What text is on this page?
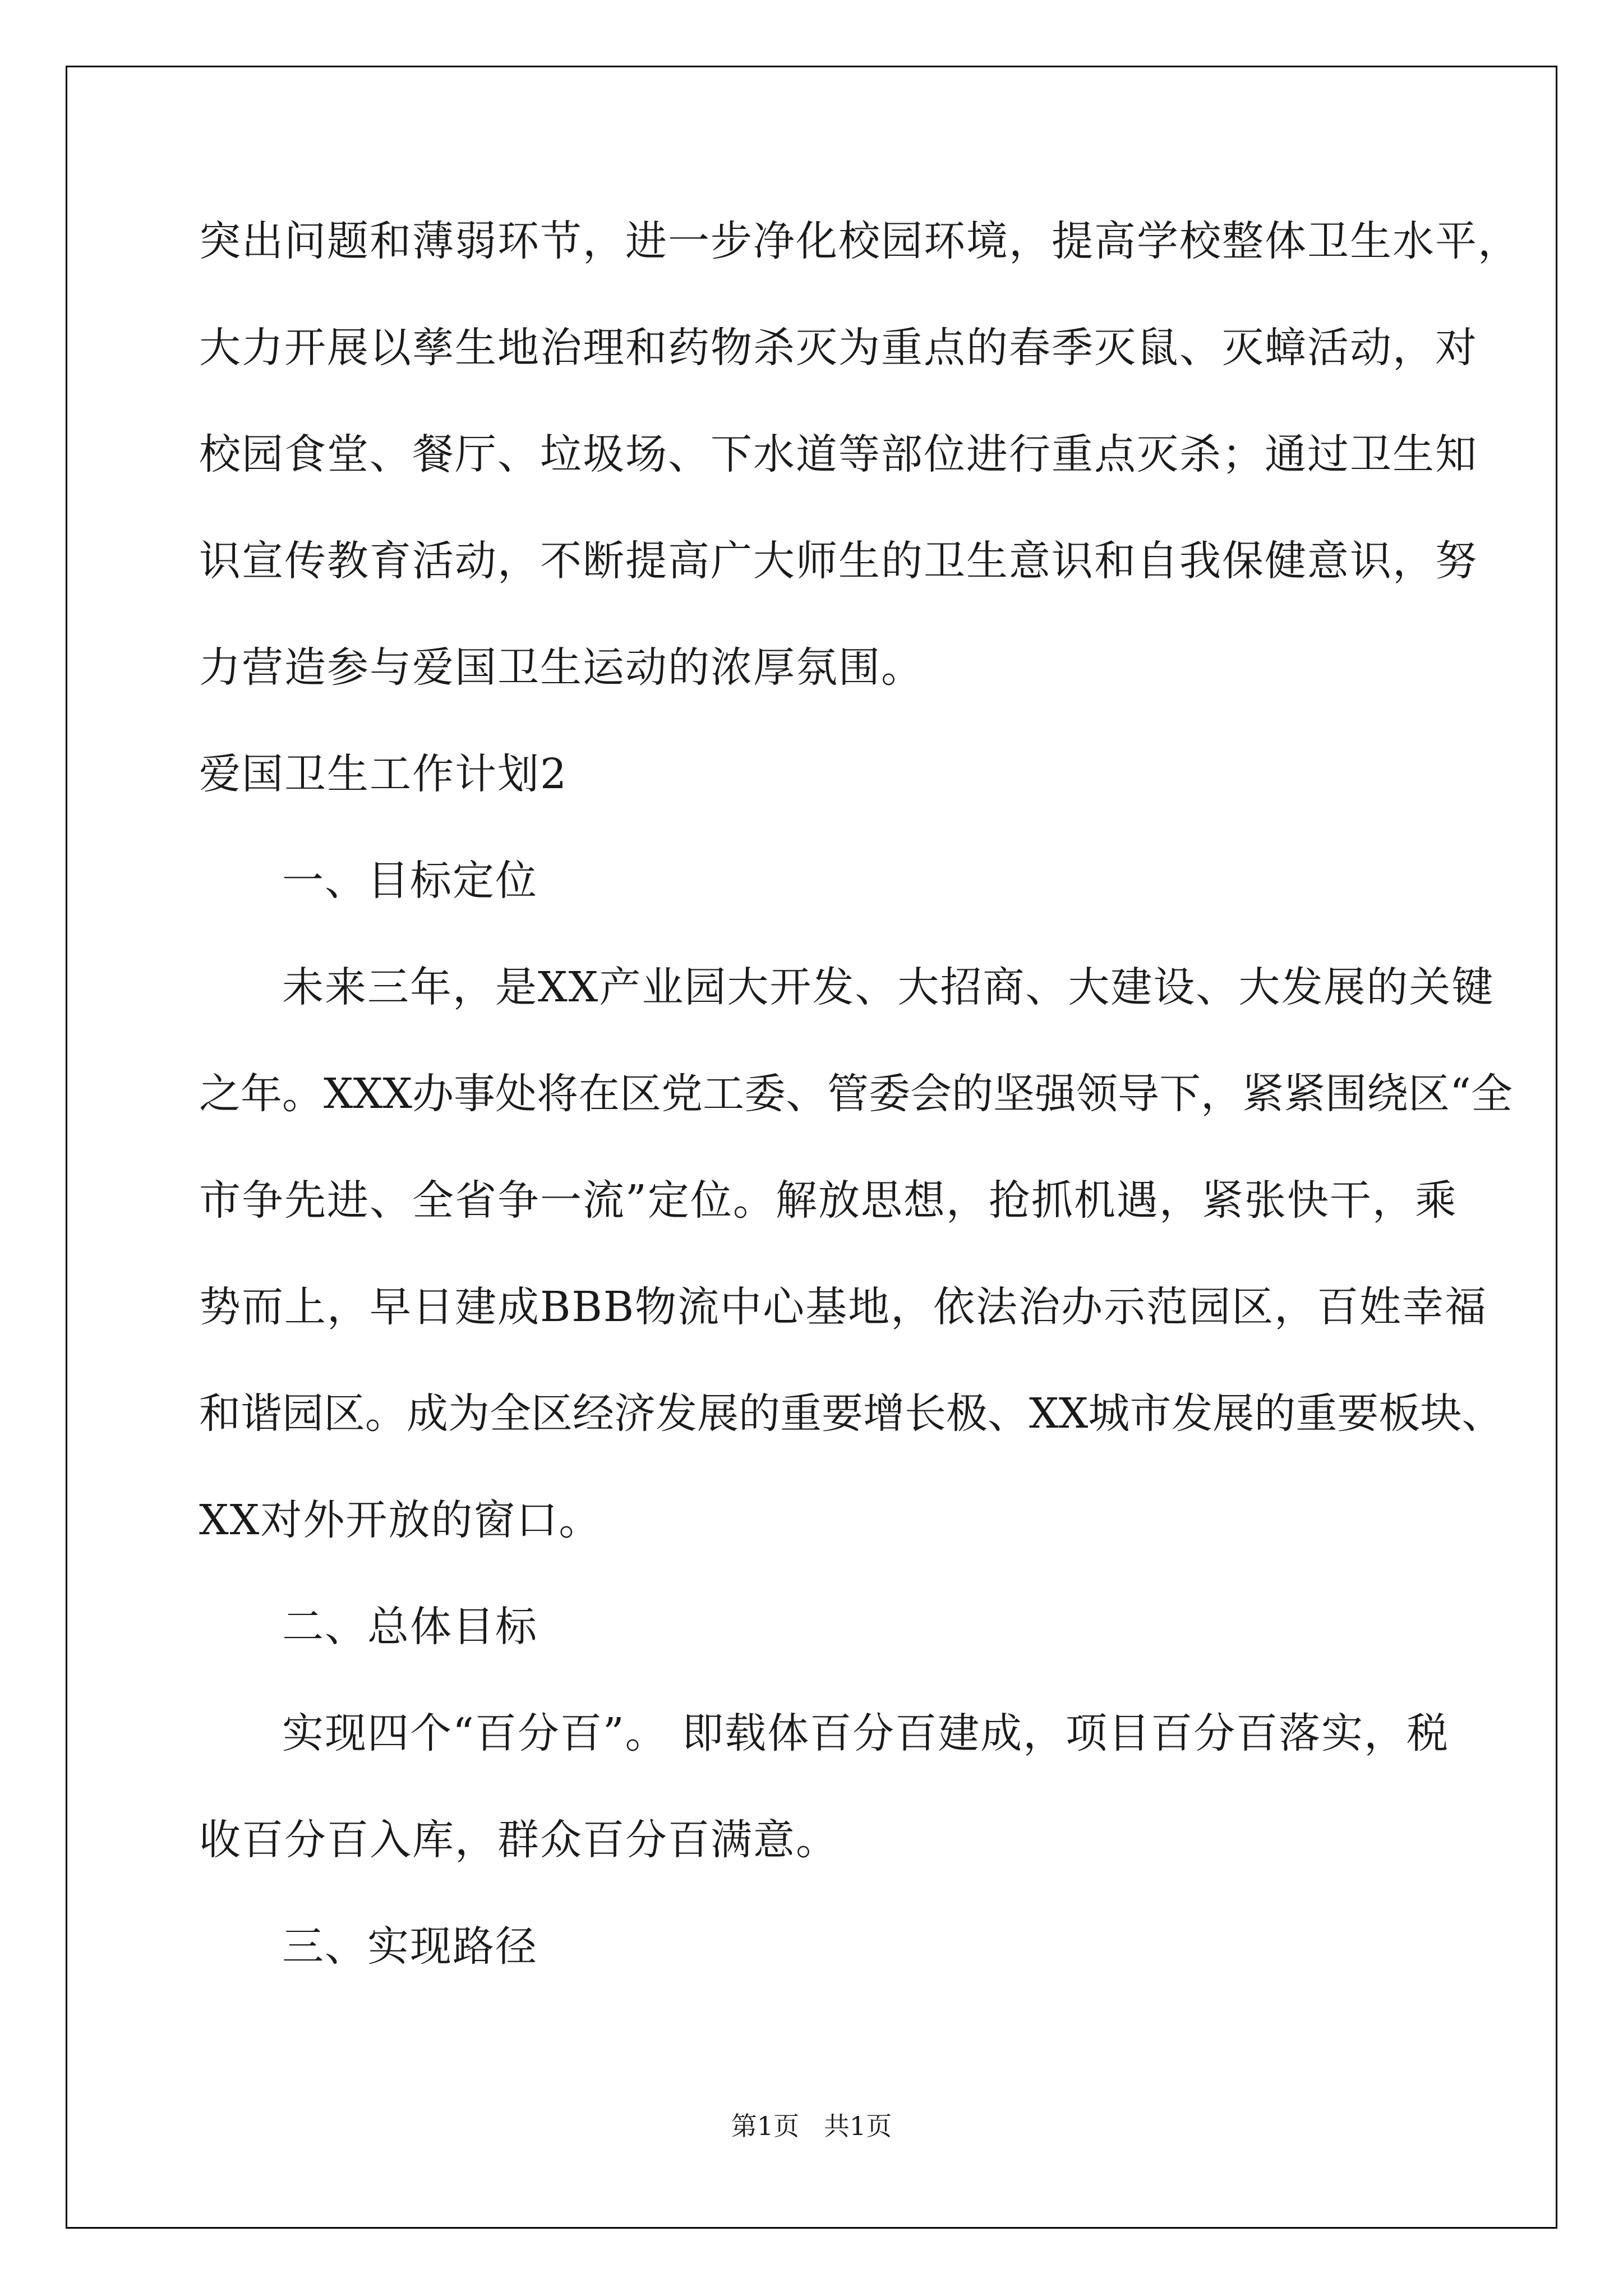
突出问题和薄弱环节，进一步净化校园环境，提高学校整体卫生水平，
大力开展以孳生地治理和药物杀灭为重点的春季灭鼠、灭蟑活动，对
校园食堂、餐厅、垃圾场、下水道等部位进行重点灭杀；通过卫生知
识宣传教育活动，不断提高广大师生的卫生意识和自我保健意识，努
力营造参与爱国卫生运动的浓厚氛围。
爱国卫生工作计划2
一、目标定位
未来三年，是XX产业园大开发、大招商、大建设、大发展的关键
之年。XXX办事处将在区党工委、管委会的坚强领导下，紧紧围绕区“全
市争先进、全省争一流”定位。解放思想，抢抓机遇，紧张快干，乘
势而上，早日建成BBB物流中心基地，依法治办示范园区，百姓幸福
和谐园区。成为全区经济发展的重要增长极、XX城市发展的重要板块、
XX对外开放的窗口。
二、总体目标
实现四个“百分百”。 即载体百分百建成，项目百分百落实，税
收百分百入库，群众百分百满意。
三、实现路径
第1页   共1页
